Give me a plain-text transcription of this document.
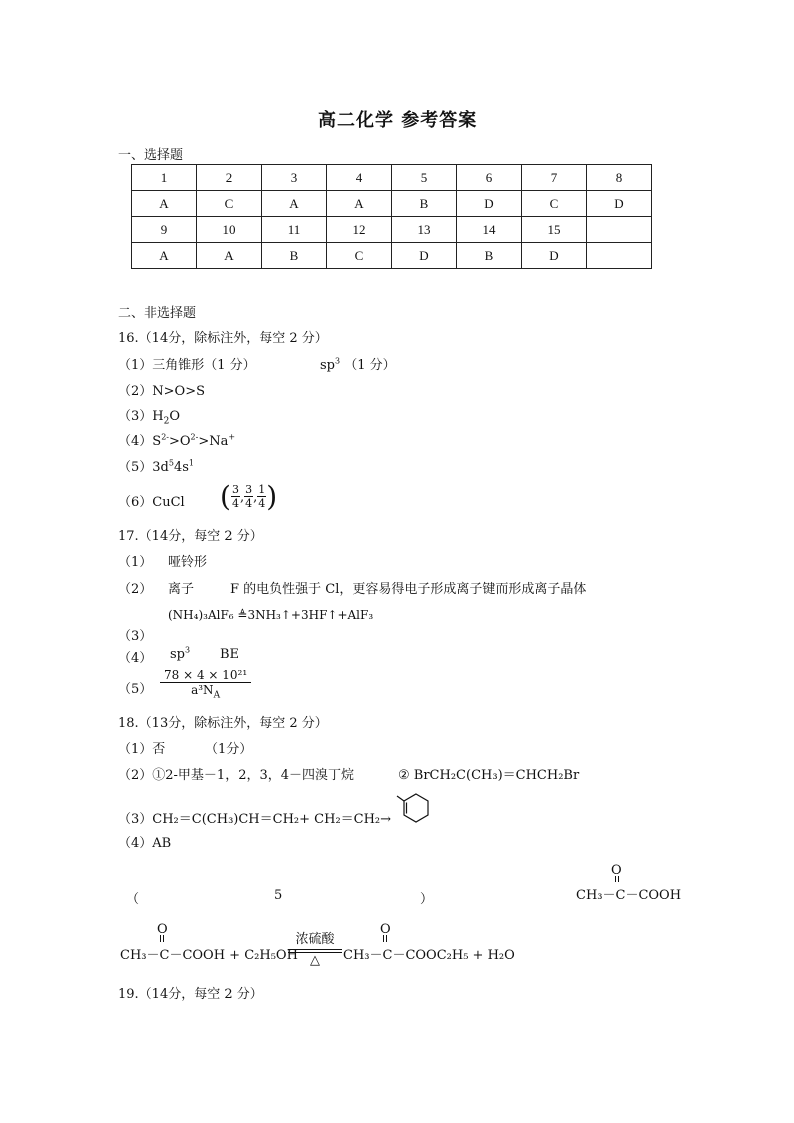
高二化学 参考答案
一、选择题
1	2	3	4	5	6	7	8
A	C	A	A	B	D	C	D
9	10	11	12	13	14	15	
A	A	B	C	D	B	D	
二、非选择题
16.（14分，除标注外，每空 2 分）
（1）三角锥形（1 分）	$sp^3$ （1 分）
（2）N>O>S
$(3)H_2O$
$(4)S^{2-}>O^{2-}>Na^+$
$(5)3d^54s^1$
（6）CuCl ( $\frac{3}{4}$ , $\frac{3}{4}$ , $\frac{1}{4}$ )
17.（14分，每空 2 分）
（1） 哑铃形
（2） 离子	F 的电负性强于 Cl，更容易得电子形成离子键而形成离子晶体
(NH₄)₃AlF₆ ≜3NH₃↑+3HF↑+AlF₃
（3）
（4） $sp^3$ BE
$(5) \frac{\text{78 × 4 × 10²¹}}{a^3N_A}$
18.（13分，除标注外，每空 2 分）
（1）否	（1分）
（2）①2-甲基－1，2，3，4－四溴丁烷	② BrCH₂C(CH₃)＝CHCH₂Br
（3）CH₂＝C(CH₃)CH＝CH₂+ CH₂＝CH₂→
（4）AB
（	5	）
O
CH₃－C－COOH
O
CH₃－C－COOH + C₂H₅OH
浓硫酸
△
O
CH₃－C－COOC₂H₅ + H₂O
19.（14分，每空 2 分）
